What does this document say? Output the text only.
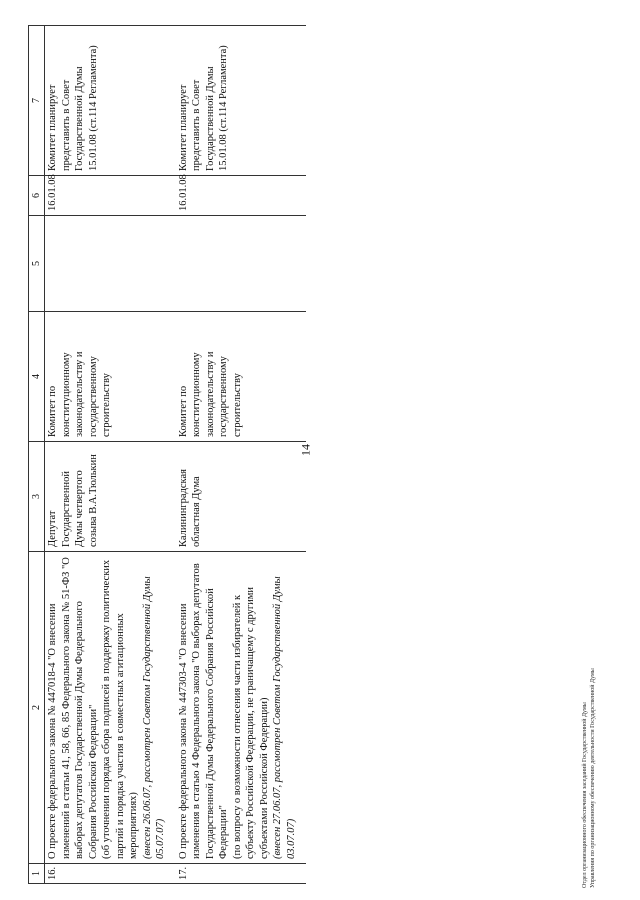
14
1	2	3	4	5	6	7
16.	О проекте федерального закона № 447018-4 "О внесении изменений в статьи 41, 58, 66, 85 Федерального закона № 51-ФЗ "О выборах депутатов Государственной Думы Федерального Собрания Российской Федерации" (об уточнении порядка сбора подписей в поддержку политических партий и порядка участия в совместных агитационных мероприятиях) (внесен 26.06.07, рассмотрен Советом Государственной Думы 05.07.07)	Депутат Государственной Думы четвертого созыва В.А.Тюлькин	Комитет по конституционному законодательству и государственному строительству		16.01.08	Комитет планирует представить в Совет Государственной Думы 15.01.08 (ст.114 Регламента)
17.	О проекте федерального закона № 447303-4 "О внесении изменения в статью 4 Федерального закона "О выборах депутатов Государственной Думы Федерального Собрания Российской Федерации" (по вопросу о возможности отнесения части избирателей к субъекту Российской Федерации, не граничащему с другими субъектами Российской Федерации) (внесен 27.06.07, рассмотрен Советом Государственной Думы 03.07.07)	Калининградская областная Дума	Комитет по конституционному законодательству и государственному строительству		16.01.08	Комитет планирует представить в Совет Государственной Думы 15.01.08 (ст.114 Регламента)
Отдел организационного обеспечения заседаний Государственной Думы Управления по организационному обеспечению деятельности Государственной Думы
